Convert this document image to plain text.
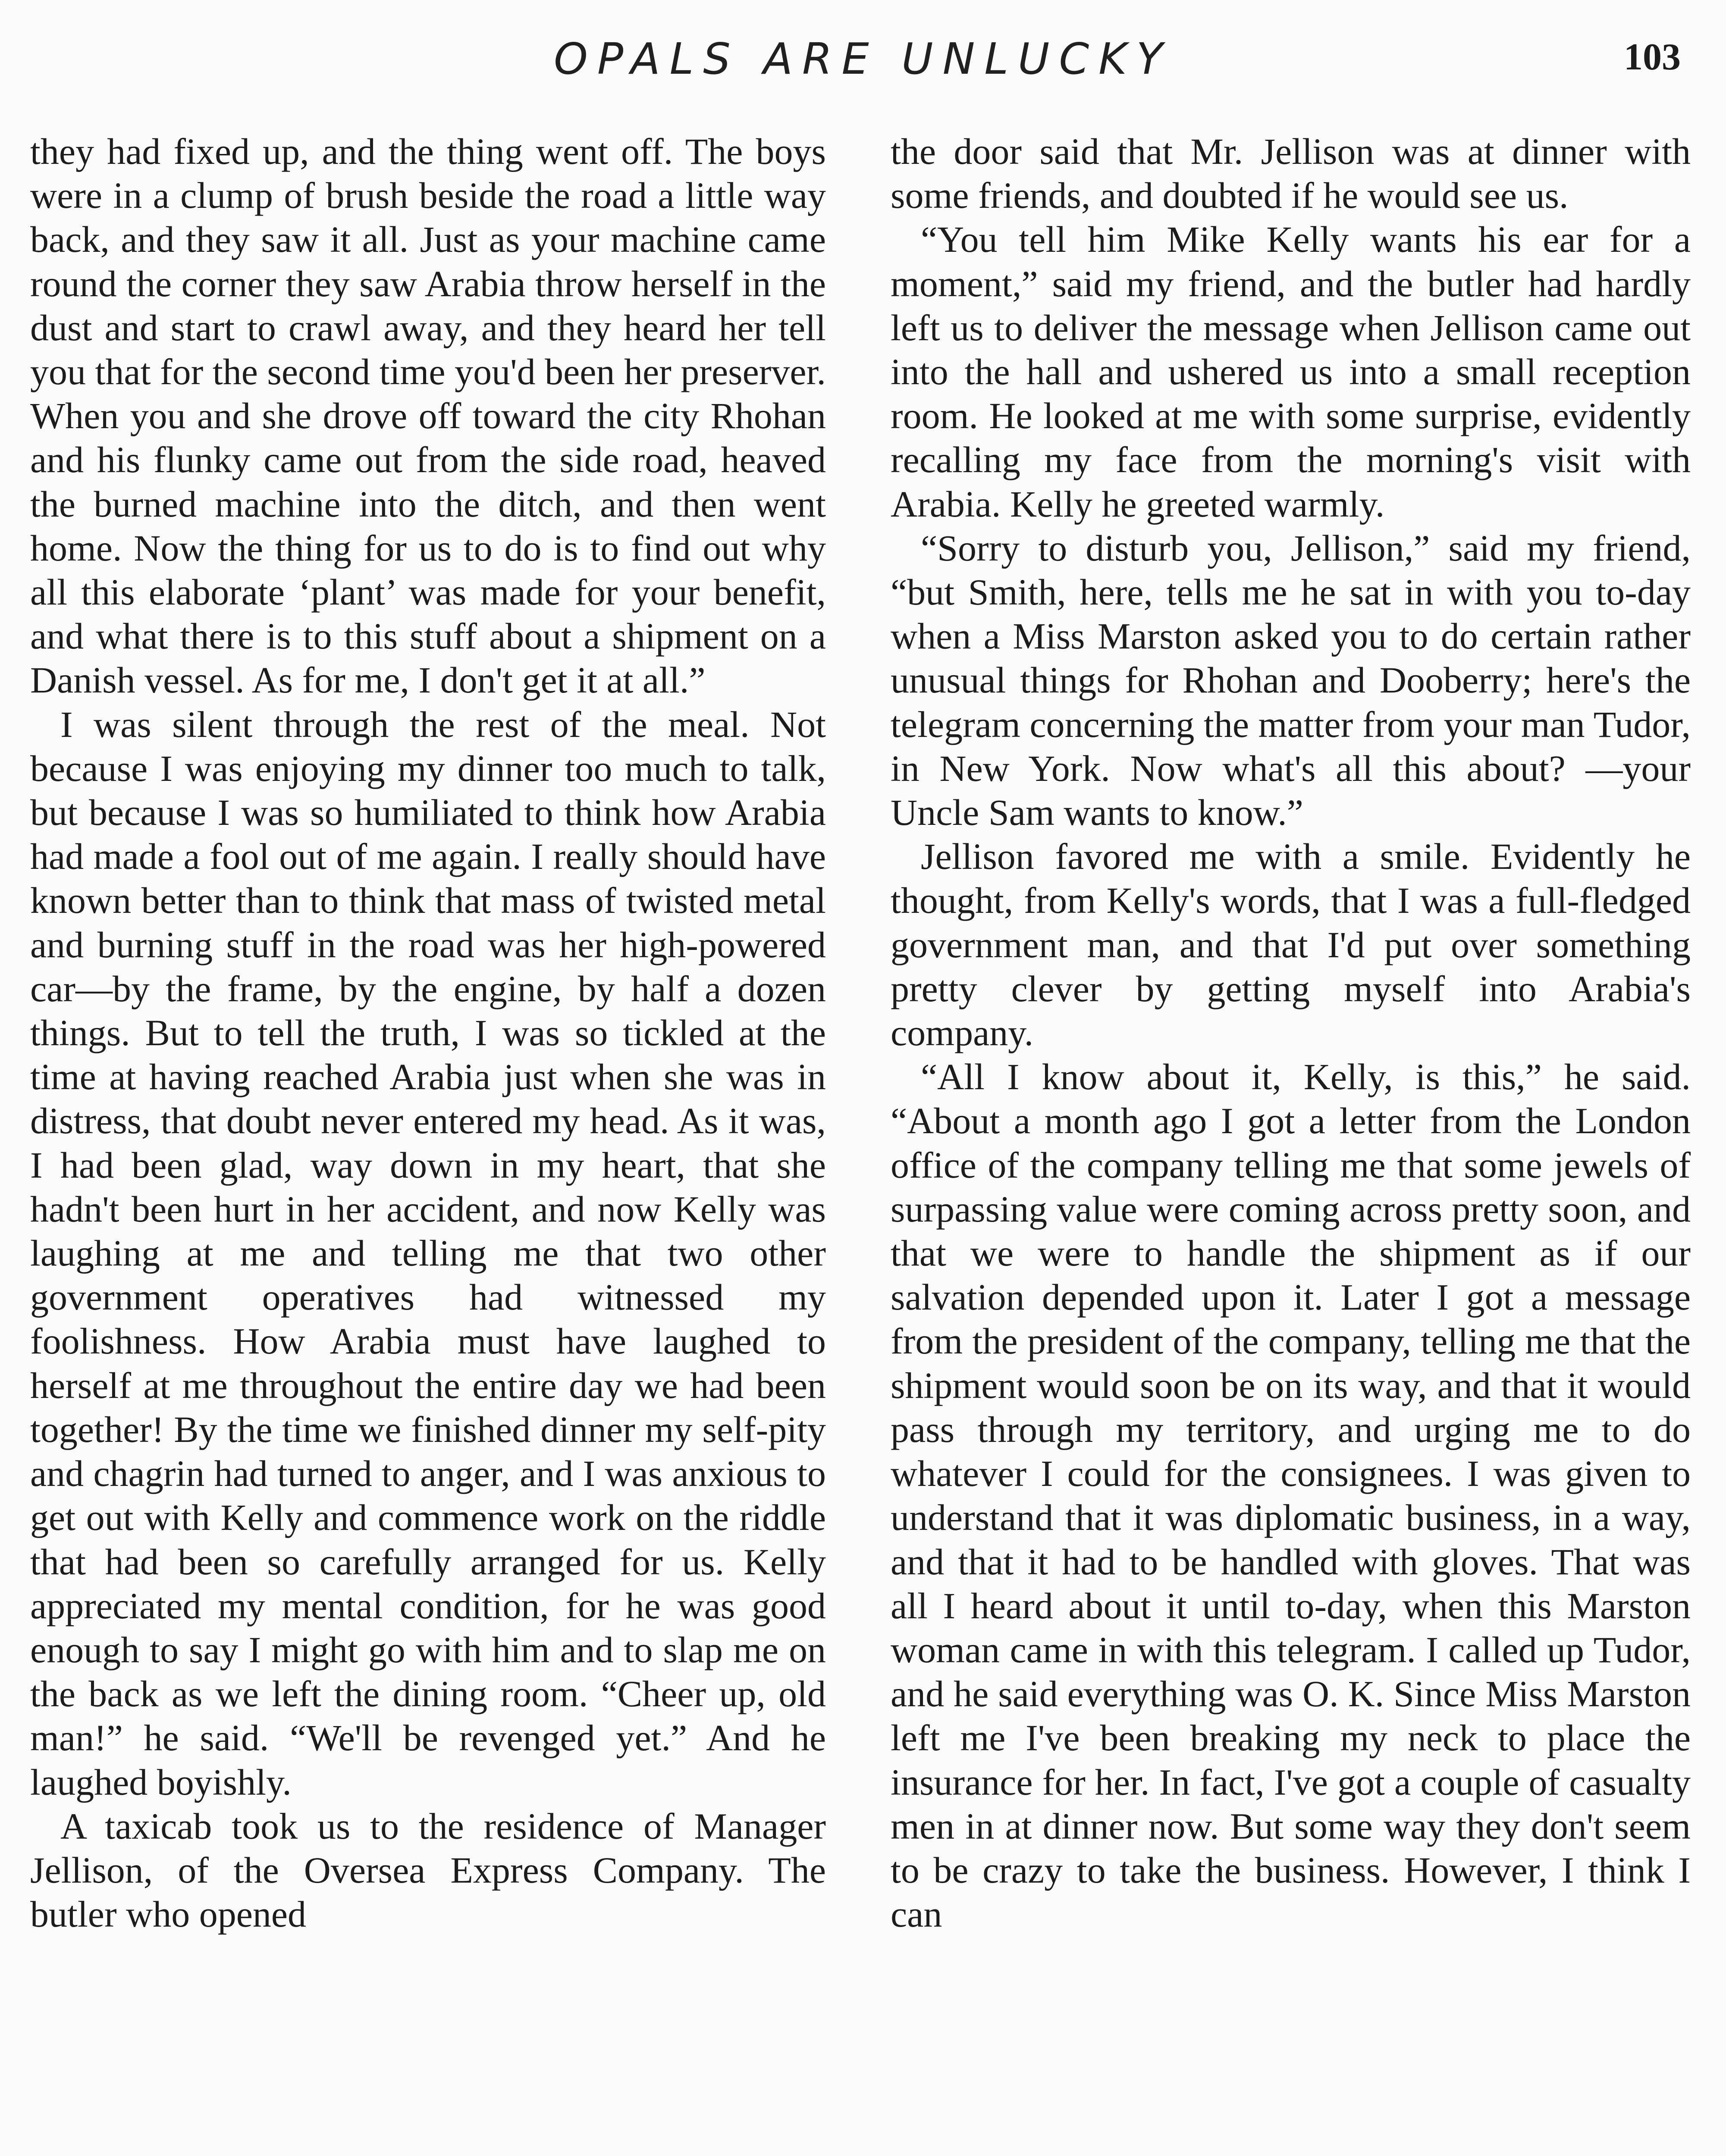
OPALS ARE UNLUCKY	103

they had fixed up, and the thing went off. The boys were in a clump of brush beside the road a little way back, and they saw it all. Just as your machine came round the corner they saw Arabia throw herself in the dust and start to crawl away, and they heard her tell you that for the second time you'd been her preserver. When you and she drove off toward the city Rhohan and his flunky came out from the side road, heaved the burned machine into the ditch, and then went home. Now the thing for us to do is to find out why all this elaborate ‘plant’ was made for your benefit, and what there is to this stuff about a shipment on a Danish vessel. As for me, I don't get it at all.”

I was silent through the rest of the meal. Not because I was enjoying my dinner too much to talk, but because I was so humiliated to think how Arabia had made a fool out of me again. I really should have known better than to think that mass of twisted metal and burning stuff in the road was her high-powered car—by the frame, by the engine, by half a dozen things. But to tell the truth, I was so tickled at the time at having reached Arabia just when she was in distress, that doubt never entered my head. As it was, I had been glad, way down in my heart, that she hadn't been hurt in her accident, and now Kelly was laughing at me and telling me that two other government operatives had witnessed my foolishness. How Arabia must have laughed to herself at me throughout the entire day we had been together! By the time we finished dinner my self-pity and chagrin had turned to anger, and I was anxious to get out with Kelly and commence work on the riddle that had been so carefully arranged for us. Kelly appreciated my mental condition, for he was good enough to say I might go with him and to slap me on the back as we left the dining room. “Cheer up, old man!” he said. “We'll be revenged yet.” And he laughed boyishly.

A taxicab took us to the residence of Manager Jellison, of the Oversea Express Company. The butler who opened

the door said that Mr. Jellison was at dinner with some friends, and doubted if he would see us.

“You tell him Mike Kelly wants his ear for a moment,” said my friend, and the butler had hardly left us to deliver the message when Jellison came out into the hall and ushered us into a small reception room. He looked at me with some surprise, evidently recalling my face from the morning's visit with Arabia. Kelly he greeted warmly.

“Sorry to disturb you, Jellison,” said my friend, “but Smith, here, tells me he sat in with you to-day when a Miss Marston asked you to do certain rather unusual things for Rhohan and Dooberry; here's the telegram concerning the matter from your man Tudor, in New York. Now what's all this about? —your Uncle Sam wants to know.”

Jellison favored me with a smile. Evidently he thought, from Kelly's words, that I was a full-fledged government man, and that I'd put over something pretty clever by getting myself into Arabia's company.

“All I know about it, Kelly, is this,” he said. “About a month ago I got a letter from the London office of the company telling me that some jewels of surpassing value were coming across pretty soon, and that we were to handle the shipment as if our salvation depended upon it. Later I got a message from the president of the company, telling me that the shipment would soon be on its way, and that it would pass through my territory, and urging me to do whatever I could for the consignees. I was given to understand that it was diplomatic business, in a way, and that it had to be handled with gloves. That was all I heard about it until to-day, when this Marston woman came in with this telegram. I called up Tudor, and he said everything was O. K. Since Miss Marston left me I've been breaking my neck to place the insurance for her. In fact, I've got a couple of casualty men in at dinner now. But some way they don't seem to be crazy to take the business. However, I think I can
